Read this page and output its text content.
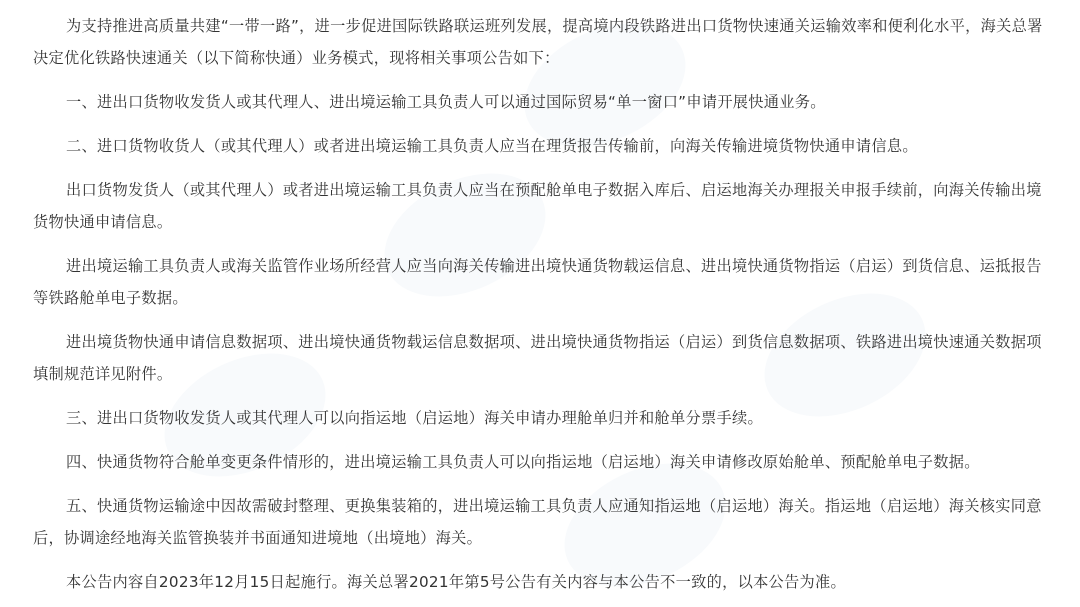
为支持推进高质量共建“一带一路”，进一步促进国际铁路联运班列发展，提高境内段铁路进出口货物快速通关运输效率和便利化水平，海关总署决定优化铁路快速通关（以下简称快通）业务模式，现将相关事项公告如下：

一、进出口货物收发货人或其代理人、进出境运输工具负责人可以通过国际贸易“单一窗口”申请开展快通业务。

二、进口货物收货人（或其代理人）或者进出境运输工具负责人应当在理货报告传输前，向海关传输进境货物快通申请信息。

出口货物发货人（或其代理人）或者进出境运输工具负责人应当在预配舱单电子数据入库后、启运地海关办理报关申报手续前，向海关传输出境货物快通申请信息。

进出境运输工具负责人或海关监管作业场所经营人应当向海关传输进出境快通货物载运信息、进出境快通货物指运（启运）到货信息、运抵报告等铁路舱单电子数据。

进出境货物快通申请信息数据项、进出境快通货物载运信息数据项、进出境快通货物指运（启运）到货信息数据项、铁路进出境快速通关数据项填制规范详见附件。

三、进出口货物收发货人或其代理人可以向指运地（启运地）海关申请办理舱单归并和舱单分票手续。

四、快通货物符合舱单变更条件情形的，进出境运输工具负责人可以向指运地（启运地）海关申请修改原始舱单、预配舱单电子数据。

五、快通货物运输途中因故需破封整理、更换集装箱的，进出境运输工具负责人应通知指运地（启运地）海关。指运地（启运地）海关核实同意后，协调途经地海关监管换装并书面通知进境地（出境地）海关。

本公告内容自2023年12月15日起施行。海关总署2021年第5号公告有关内容与本公告不一致的，以本公告为准。
